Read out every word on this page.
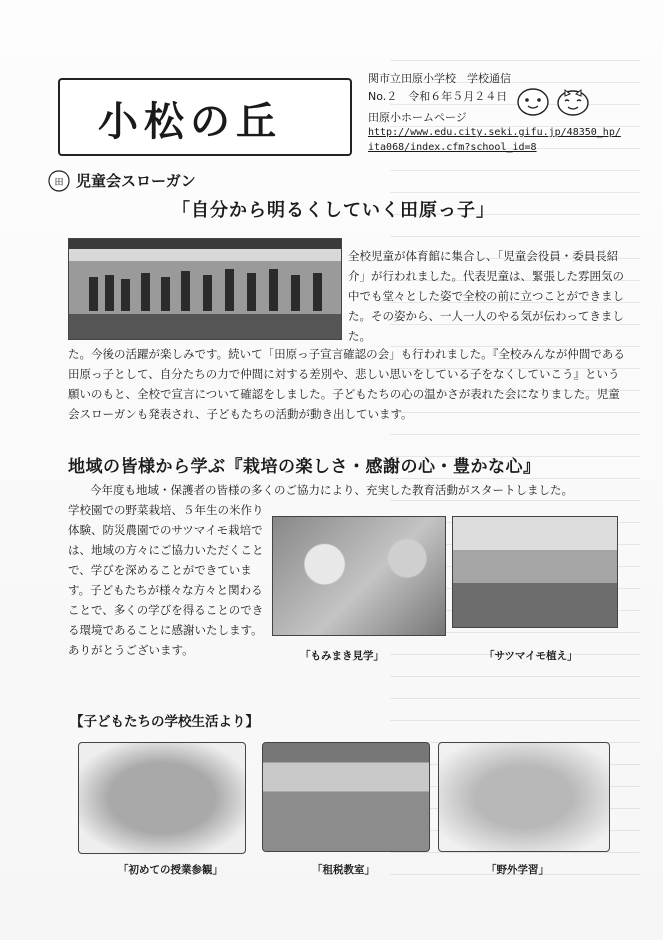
小松の丘
関市立田原小学校　学校通信
No.２　令和６年５月２４日
田原小ホームページ
http://www.edu.city.seki.gifu.jp/48350_hp/
ita068/index.cfm?school_id=8
田 児童会スローガン
「自分から明るくしていく田原っ子」
全校児童が体育館に集合し、「児童会役員・委員長紹介」が行われました。代表児童は、緊張した雰囲気の中でも堂々とした姿で全校の前に立つことができました。その姿から、一人一人のやる気が伝わってきました。
た。今後の活躍が楽しみです。続いて「田原っ子宣言確認の会」も行われました。『全校みんなが仲間である田原っ子として、自分たちの力で仲間に対する差別や、悲しい思いをしている子をなくしていこう』という願いのもと、全校で宣言について確認をしました。子どもたちの心の温かさが表れた会になりました。児童会スローガンも発表され、子どもたちの活動が動き出しています。
地域の皆様から学ぶ『栽培の楽しさ・感謝の心・豊かな心』
今年度も地域・保護者の皆様の多くのご協力により、充実した教育活動がスタートしました。
学校園での野菜栽培、５年生の米作り体験、防災農園でのサツマイモ栽培では、地域の方々にご協力いただくことで、学びを深めることができています。子どもたちが様々な方々と関わることで、多くの学びを得ることのできる環境であることに感謝いたします。ありがとうございます。	「もみまき見学」	「サツマイモ植え」
【子どもたちの学校生活より】
「初めての授業参観」	「租税教室」	「野外学習」
